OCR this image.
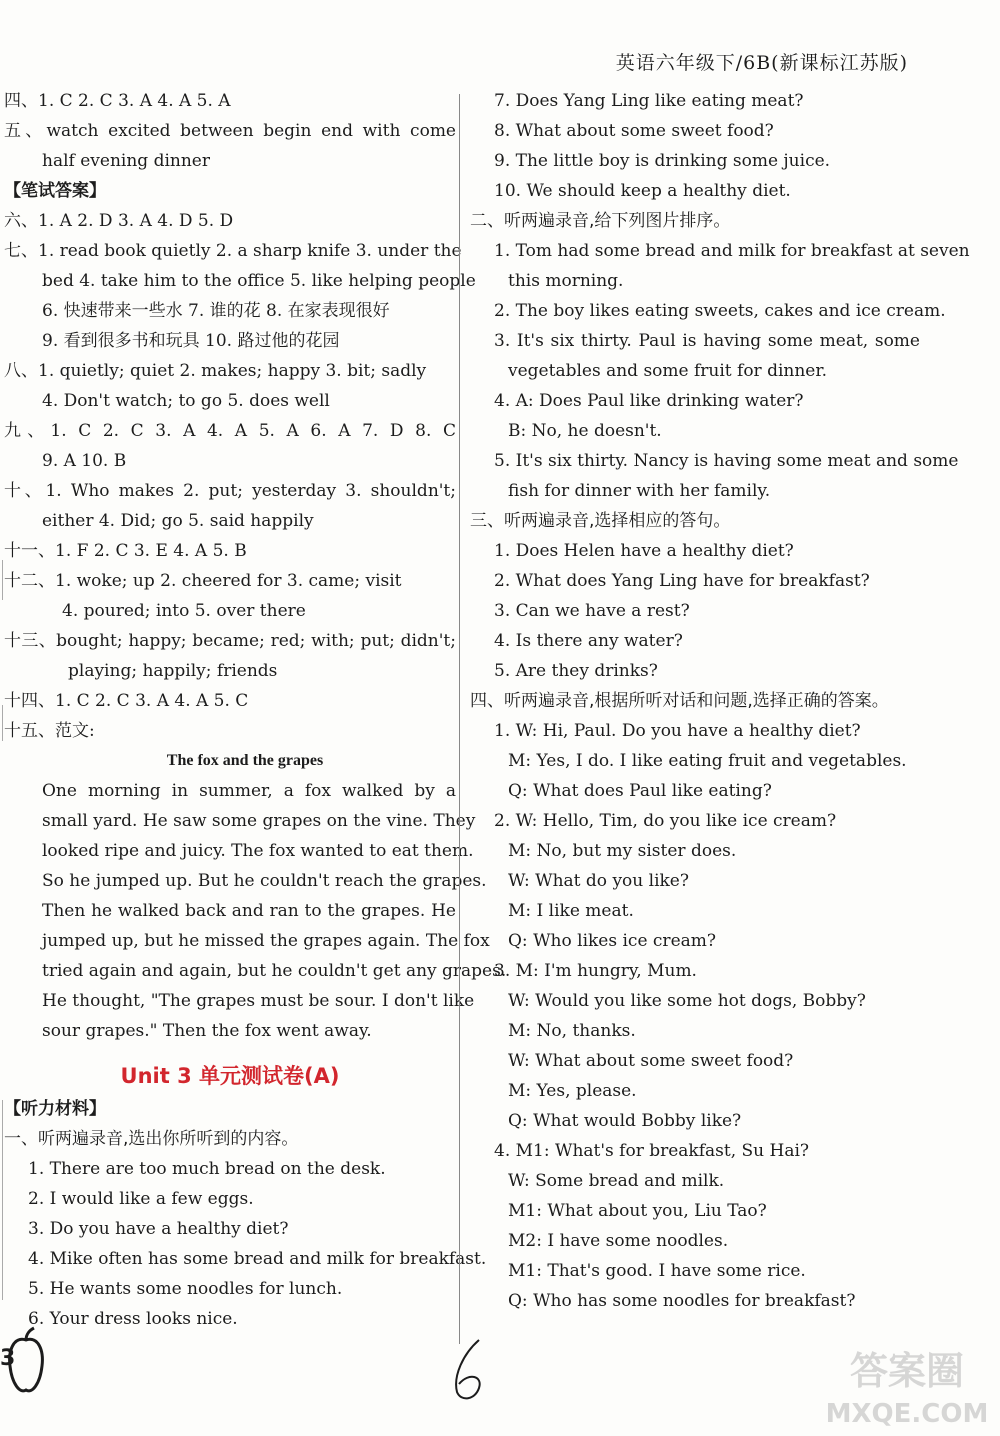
英语六年级下/6B(新课标江苏版)
四、1. C 2. C 3. A 4. A 5. A
五、watch excited between begin end with come
half evening dinner
【笔试答案】
六、1. A 2. D 3. A 4. D 5. D
七、1. read book quietly 2. a sharp knife 3. under the
bed 4. take him to the office 5. like helping people
6. 快速带来一些水 7. 谁的花 8. 在家表现很好
9. 看到很多书和玩具 10. 路过他的花园
八、1. quietly; quiet 2. makes; happy 3. bit; sadly
4. Don't watch; to go 5. does well
九、1. C 2. C 3. A 4. A 5. A 6. A 7. D 8. C
9. A 10. B
十、1. Who makes 2. put; yesterday 3. shouldn't;
either 4. Did; go 5. said happily
十一、1. F 2. C 3. E 4. A 5. B
十二、1. woke; up 2. cheered for 3. came; visit
4. poured; into 5. over there
十三、bought; happy; became; red; with; put; didn't;
playing; happily; friends
十四、1. C 2. C 3. A 4. A 5. C
十五、范文:
The fox and the grapes
One morning in summer, a fox walked by a
small yard. He saw some grapes on the vine. They
looked ripe and juicy. The fox wanted to eat them.
So he jumped up. But he couldn't reach the grapes.
Then he walked back and ran to the grapes. He
jumped up, but he missed the grapes again. The fox
tried again and again, but he couldn't get any grapes.
He thought, "The grapes must be sour. I don't like
sour grapes." Then the fox went away.
Unit 3 单元测试卷(A)
【听力材料】
一、听两遍录音,选出你所听到的内容。
1. There are too much bread on the desk.
2. I would like a few eggs.
3. Do you have a healthy diet?
4. Mike often has some bread and milk for breakfast.
5. He wants some noodles for lunch.
6. Your dress looks nice.
7. Does Yang Ling like eating meat?
8. What about some sweet food?
9. The little boy is drinking some juice.
10. We should keep a healthy diet.
二、听两遍录音,给下列图片排序。
1. Tom had some bread and milk for breakfast at seven
this morning.
2. The boy likes eating sweets, cakes and ice cream.
3. It's six thirty. Paul is having some meat, some
vegetables and some fruit for dinner.
4. A: Does Paul like drinking water?
B: No, he doesn't.
5. It's six thirty. Nancy is having some meat and some
fish for dinner with her family.
三、听两遍录音,选择相应的答句。
1. Does Helen have a healthy diet?
2. What does Yang Ling have for breakfast?
3. Can we have a rest?
4. Is there any water?
5. Are they drinks?
四、听两遍录音,根据所听对话和问题,选择正确的答案。
1. W: Hi, Paul. Do you have a healthy diet?
M: Yes, I do. I like eating fruit and vegetables.
Q: What does Paul like eating?
2. W: Hello, Tim, do you like ice cream?
M: No, but my sister does.
W: What do you like?
M: I like meat.
Q: Who likes ice cream?
3. M: I'm hungry, Mum.
W: Would you like some hot dogs, Bobby?
M: No, thanks.
W: What about some sweet food?
M: Yes, please.
Q: What would Bobby like?
4. M1: What's for breakfast, Su Hai?
W: Some bread and milk.
M1: What about you, Liu Tao?
M2: I have some noodles.
M1: That's good. I have some rice.
Q: Who has some noodles for breakfast?
3	答案圈
MXQE.COM
